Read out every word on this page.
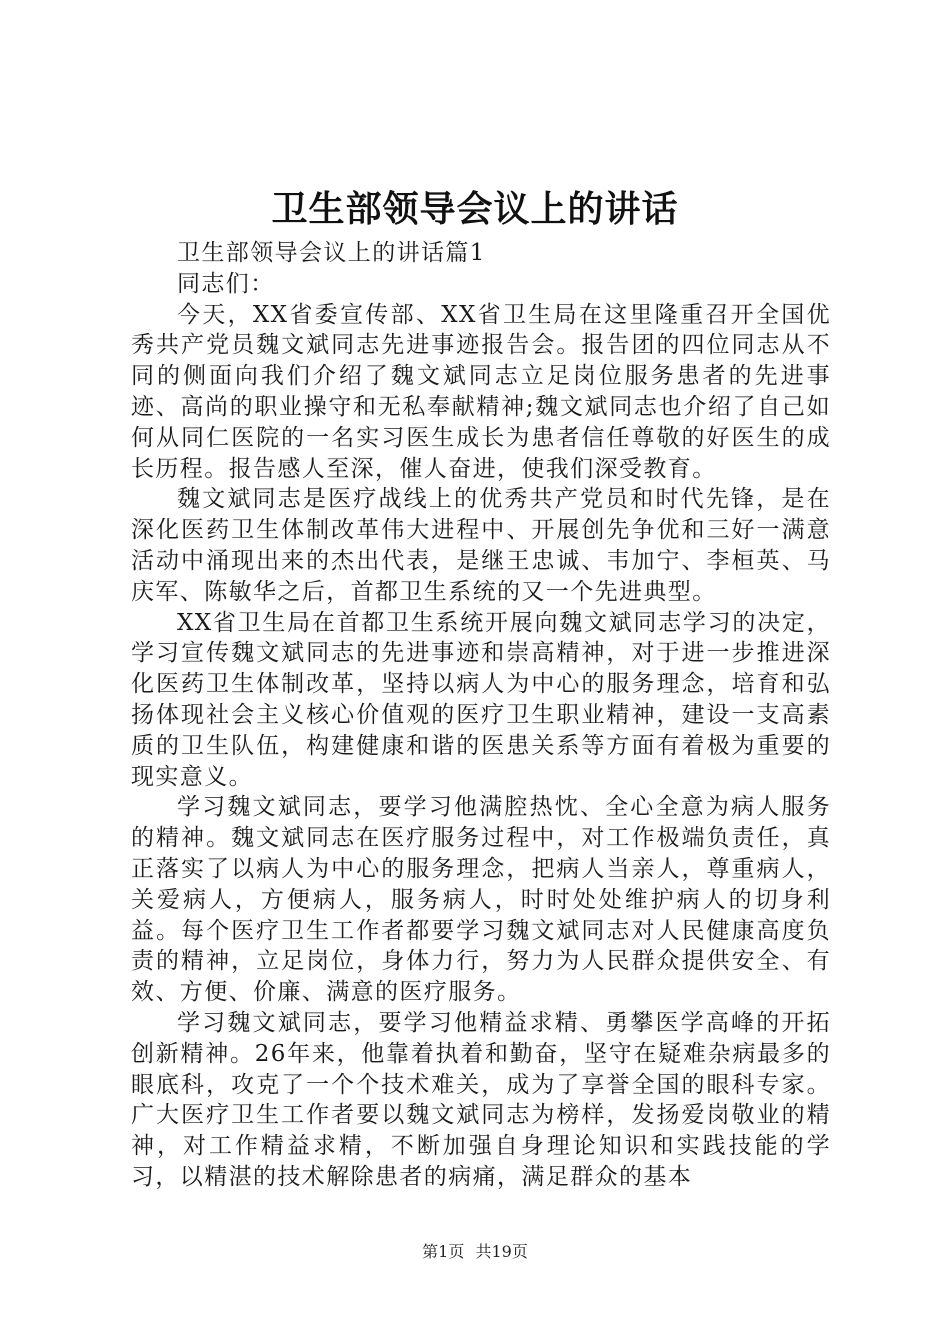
卫生部领导会议上的讲话

卫生部领导会议上的讲话篇1

同志们：

今天，XX省委宣传部、XX省卫生局在这里隆重召开全国优秀共产党员魏文斌同志先进事迹报告会。报告团的四位同志从不同的侧面向我们介绍了魏文斌同志立足岗位服务患者的先进事迹、高尚的职业操守和无私奉献精神;魏文斌同志也介绍了自己如何从同仁医院的一名实习医生成长为患者信任尊敬的好医生的成长历程。报告感人至深，催人奋进，使我们深受教育。

魏文斌同志是医疗战线上的优秀共产党员和时代先锋，是在深化医药卫生体制改革伟大进程中、开展创先争优和三好一满意活动中涌现出来的杰出代表，是继王忠诚、韦加宁、李桓英、马庆军、陈敏华之后，首都卫生系统的又一个先进典型。

XX省卫生局在首都卫生系统开展向魏文斌同志学习的决定，学习宣传魏文斌同志的先进事迹和崇高精神，对于进一步推进深化医药卫生体制改革，坚持以病人为中心的服务理念，培育和弘扬体现社会主义核心价值观的医疗卫生职业精神，建设一支高素质的卫生队伍，构建健康和谐的医患关系等方面有着极为重要的现实意义。

学习魏文斌同志，要学习他满腔热忱、全心全意为病人服务的精神。魏文斌同志在医疗服务过程中，对工作极端负责任，真正落实了以病人为中心的服务理念，把病人当亲人，尊重病人，关爱病人，方便病人，服务病人，时时处处维护病人的切身利益。每个医疗卫生工作者都要学习魏文斌同志对人民健康高度负责的精神，立足岗位，身体力行，努力为人民群众提供安全、有效、方便、价廉、满意的医疗服务。

学习魏文斌同志，要学习他精益求精、勇攀医学高峰的开拓创新精神。26年来，他靠着执着和勤奋，坚守在疑难杂病最多的眼底科，攻克了一个个技术难关，成为了享誉全国的眼科专家。广大医疗卫生工作者要以魏文斌同志为榜样，发扬爱岗敬业的精神，对工作精益求精，不断加强自身理论知识和实践技能的学习，以精湛的技术解除患者的病痛，满足群众的基本

第1页 共19页
